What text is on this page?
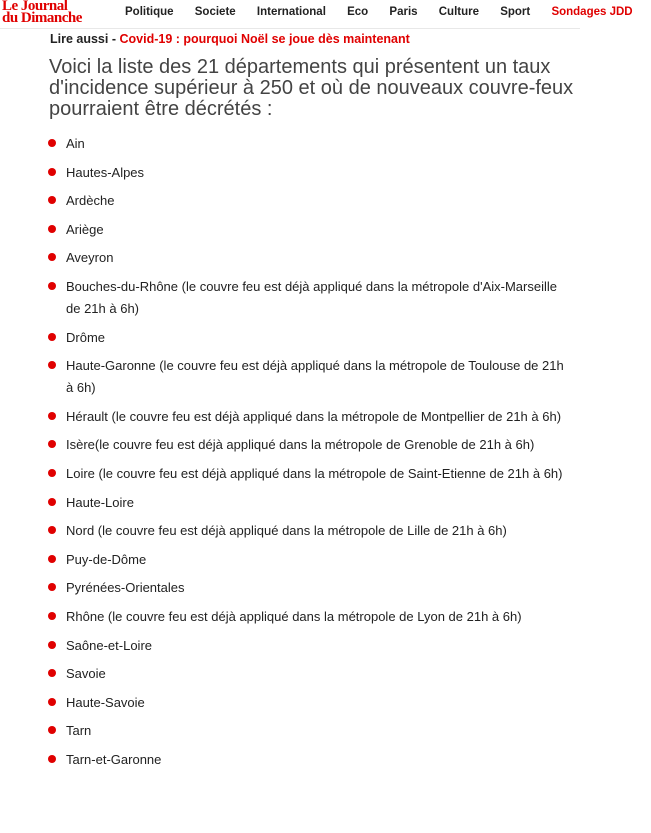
Le Journal
du Dimanche	Politique Societe International Eco Paris Culture Sport Sondages JDD
Lire aussi - Covid-19 : pourquoi Noël se joue dès maintenant
Voici la liste des 21 départements qui présentent un taux d'incidence supérieur à 250 et où de nouveaux couvre-feux pourraient être décrétés :
Ain
Hautes-Alpes
Ardèche
Ariège
Aveyron
Bouches-du-Rhône (le couvre feu est déjà appliqué dans la métropole d'Aix-Marseille de 21h à 6h)
Drôme
Haute-Garonne (le couvre feu est déjà appliqué dans la métropole de Toulouse de 21h à 6h)
Hérault (le couvre feu est déjà appliqué dans la métropole de Montpellier de 21h à 6h)
Isère(le couvre feu est déjà appliqué dans la métropole de Grenoble de 21h à 6h)
Loire (le couvre feu est déjà appliqué dans la métropole de Saint-Etienne de 21h à 6h)
Haute-Loire
Nord (le couvre feu est déjà appliqué dans la métropole de Lille de 21h à 6h)
Puy-de-Dôme
Pyrénées-Orientales
Rhône (le couvre feu est déjà appliqué dans la métropole de Lyon de 21h à 6h)
Saône-et-Loire
Savoie
Haute-Savoie
Tarn
Tarn-et-Garonne
